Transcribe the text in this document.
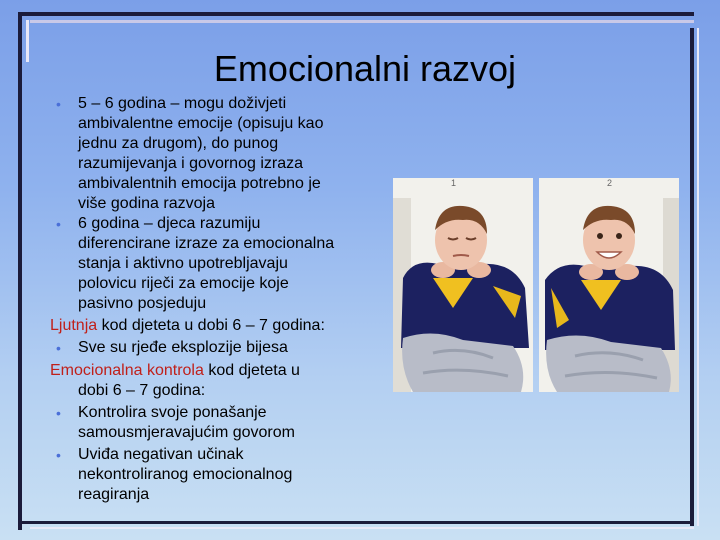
Emocionalni razvoj
• 5 – 6 godina – mogu doživjeti
ambivalentne emocije (opisuju kao
jednu za drugom), do punog
razumijevanja i govornog izraza
ambivalentnih emocija potrebno je
više godina razvoja
• 6 godina – djeca razumiju
diferencirane izraze za emocionalna
stanja i aktivno upotrebljavaju
polovicu riječi za emocije koje
pasivno posjeduju
Ljutnja kod djeteta u dobi 6 – 7 godina:
• Sve su rjeđe eksplozije bijesa
Emocionalna kontrola kod djeteta u
dobi 6 – 7 godina:
• Kontrolira svoje ponašanje
samousmjeravajućim govorom
• Uviđa negativan učinak
nekontroliranog emocionalnog
reagiranja
1	2
